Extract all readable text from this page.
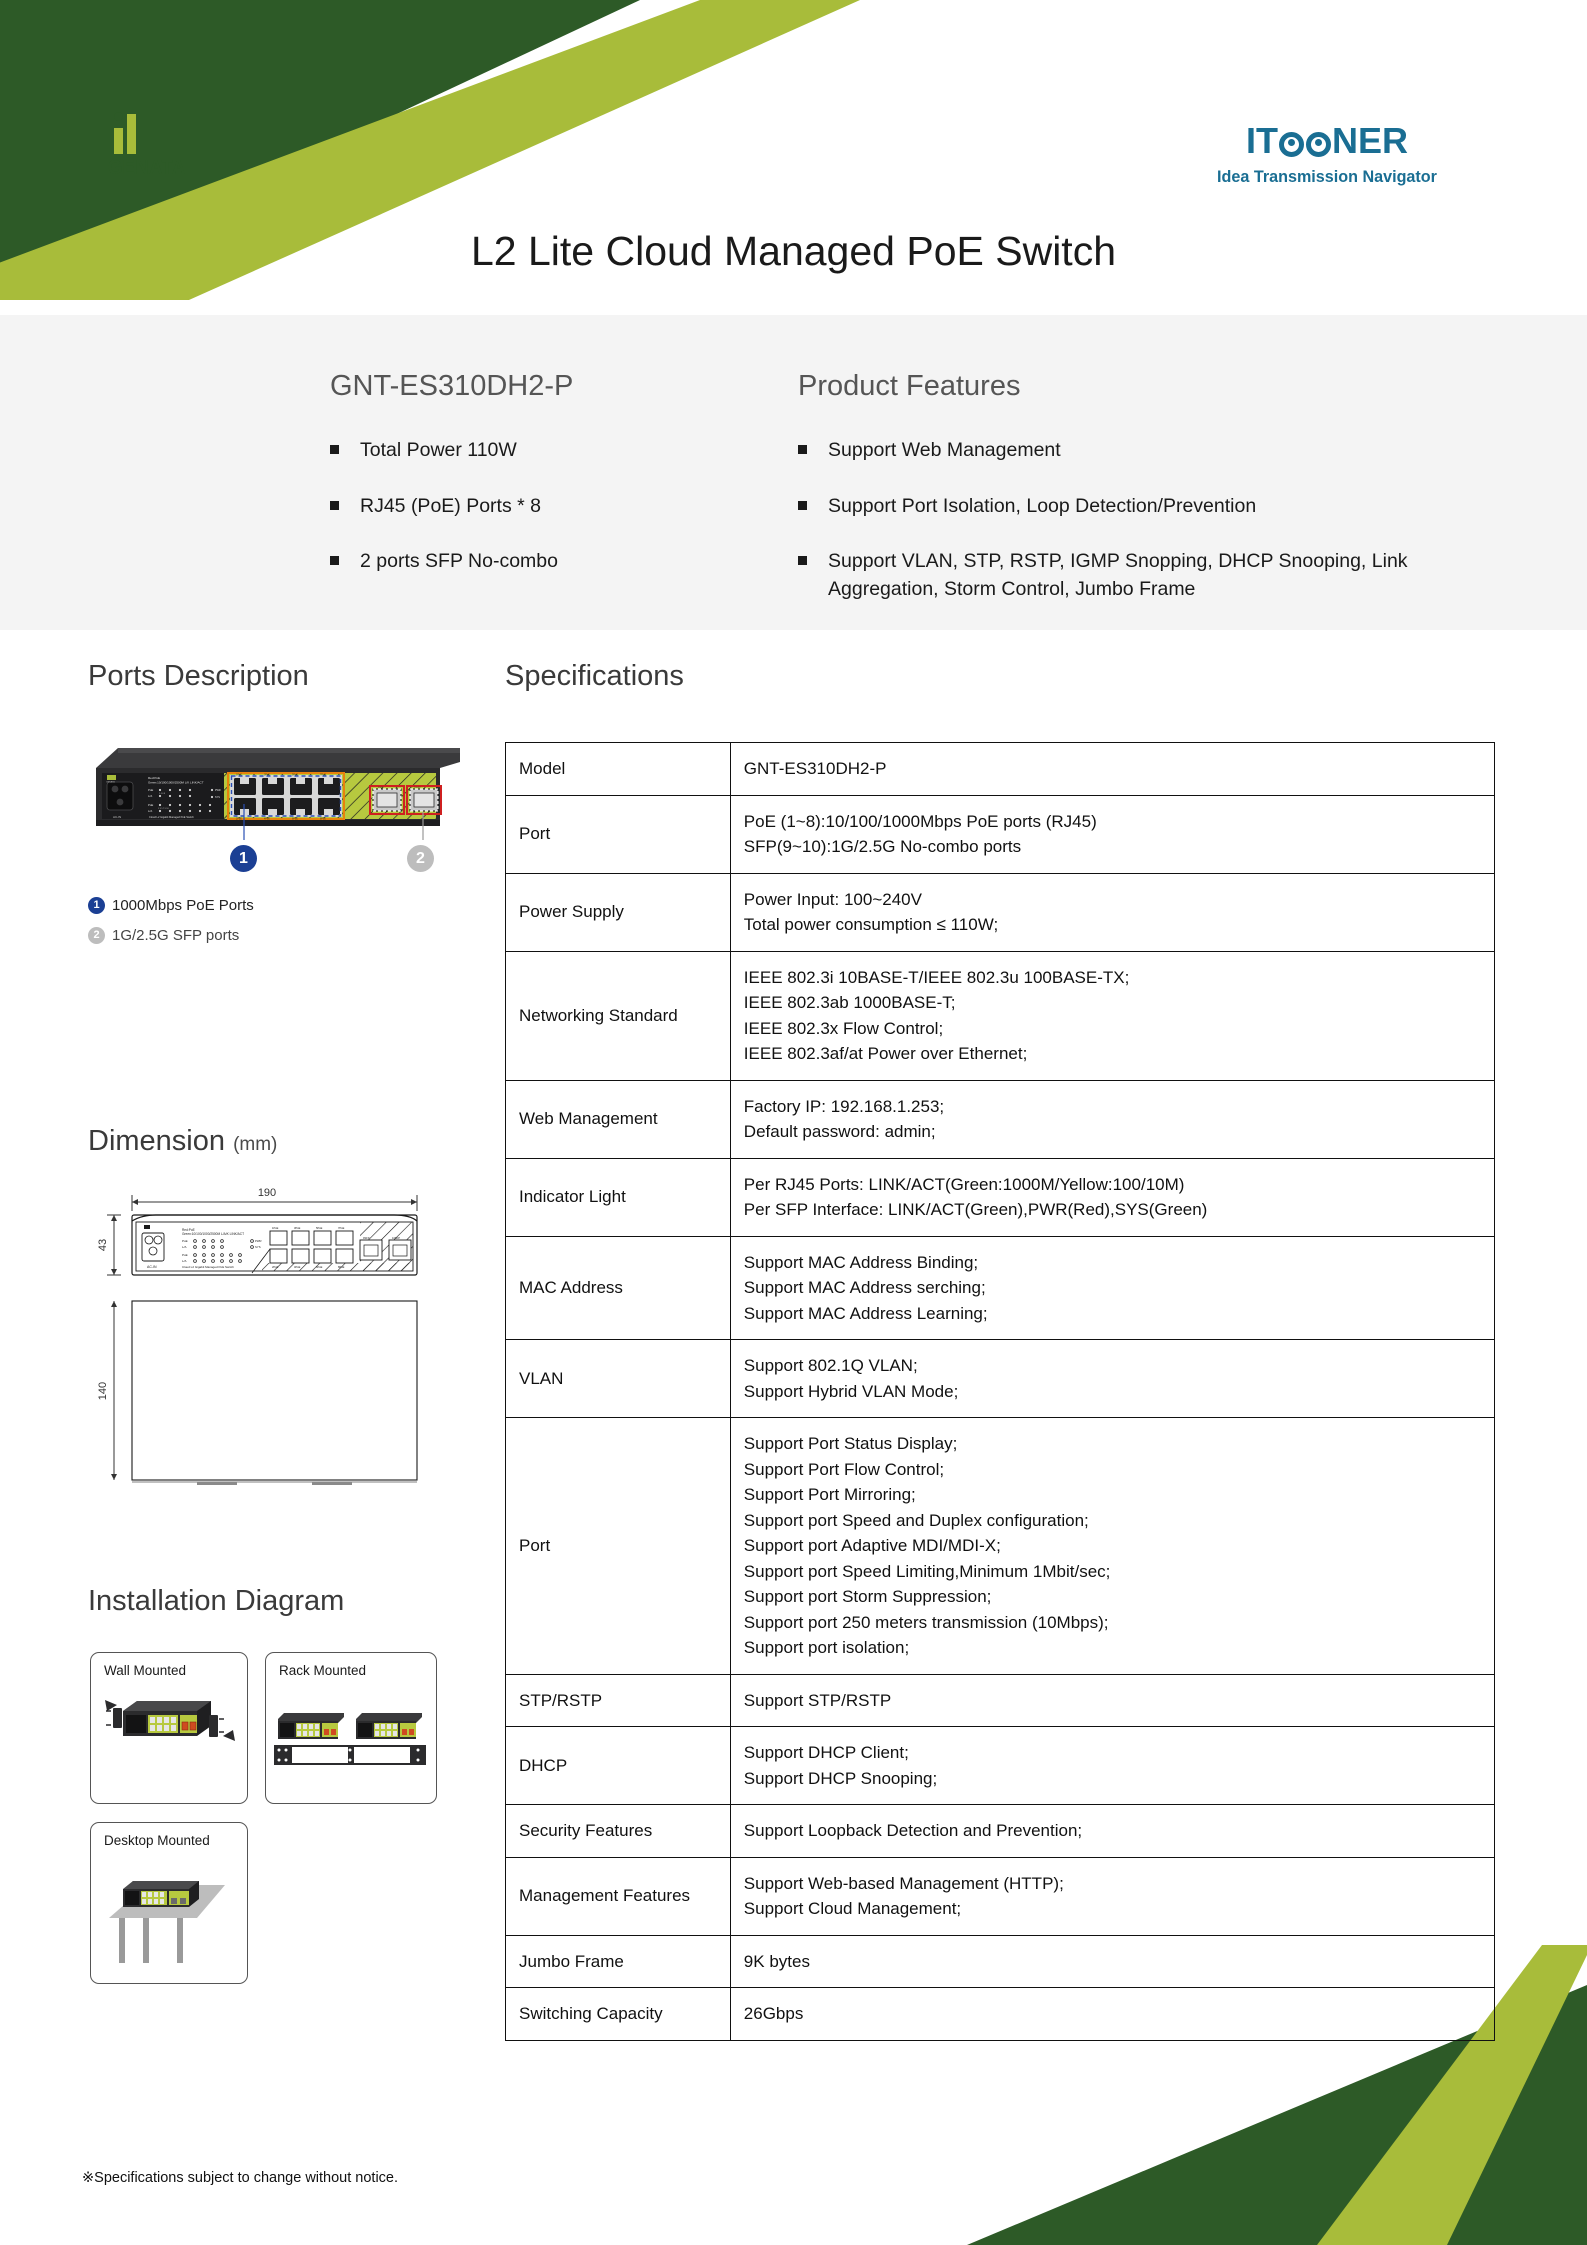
GENATA
IT NER
Idea Transmission Navigator
L2 Lite Cloud Managed PoE Switch
GNT-ES310DH2-P	Product Features
Total Power 110W
RJ45 (PoE) Ports * 8
2 ports SFP No-combo
Support Web Management
Support Port Isolation, Loop Detection/Prevention
Support VLAN, STP, RSTP, IGMP Snopping, DHCP Snooping, Link Aggregation, Storm Control, Jumbo Frame
Ports Description
AC-IN
GENATA
Red:PoE
Green:10/100/1000/2500M L/K LINK/ACT
PoE
L/A
PoE
L/A
2 4 6 8
1 3 5 7 9 10
PWR
SYS
Cloud L2 Gigabit Managed PoE Switch
1PoE	3PoE	5PoE	7PoE
2PoE	4PoE	6PoE	8PoE
9SFP	10SFP
1	2
1 1000Mbps PoE Ports
2 1G/2.5G SFP ports
Dimension (mm)
190
43
AC-IN
Red:PoE
Green:10/100/1000/2500M L/A/K LINK/ACT
PoE
L/A
PoE
L/A
PWR
SYS
Cloud L2 Gigabit Managed PoE Switch
1PoE	3PoE	5PoE	7PoE
9SFP	10SFP
140
Installation Diagram
Wall Mounted	Rack Mounted
Desktop Mounted
Specifications
Model	GNT-ES310DH2-P

Port	PoE (1~8):10/100/1000Mbps PoE ports (RJ45)
SFP(9~10):1G/2.5G No-combo ports

Power Supply	Power Input: 100~240V
Total power consumption ≤ 110W;

Networking Standard	IEEE 802.3i 10BASE-T/IEEE 802.3u 100BASE-TX;
IEEE 802.3ab 1000BASE-T;
IEEE 802.3x Flow Control;
IEEE 802.3af/at Power over Ethernet;

Web Management	Factory IP: 192.168.1.253;
Default password: admin;

Indicator Light	Per RJ45 Ports: LINK/ACT(Green:1000M/Yellow:100/10M)
Per SFP Interface: LINK/ACT(Green),PWR(Red),SYS(Green)

MAC Address	Support MAC Address Binding;
Support MAC Address serching;
Support MAC Address Learning;

VLAN	Support 802.1Q VLAN;
Support Hybrid VLAN Mode;

Port	
Support Port Status Display;
Support Port Flow Control;
Support Port Mirroring;
Support port Speed and Duplex configuration;
Support port Adaptive MDI/MDI-X;
Support port Speed Limiting,Minimum 1Mbit/sec;
Support port Storm Suppression;
Support port 250 meters transmission (10Mbps);
Support port isolation;

STP/RSTP	Support STP/RSTP

DHCP	Support DHCP Client;
Support DHCP Snooping;

Security Features	Support Loopback Detection and Prevention;

Management Features	Support Web-based Management (HTTP);
Support Cloud Management;

Jumbo Frame	9K bytes

Switching Capacity	26Gbps
※Specifications subject to change without notice.
